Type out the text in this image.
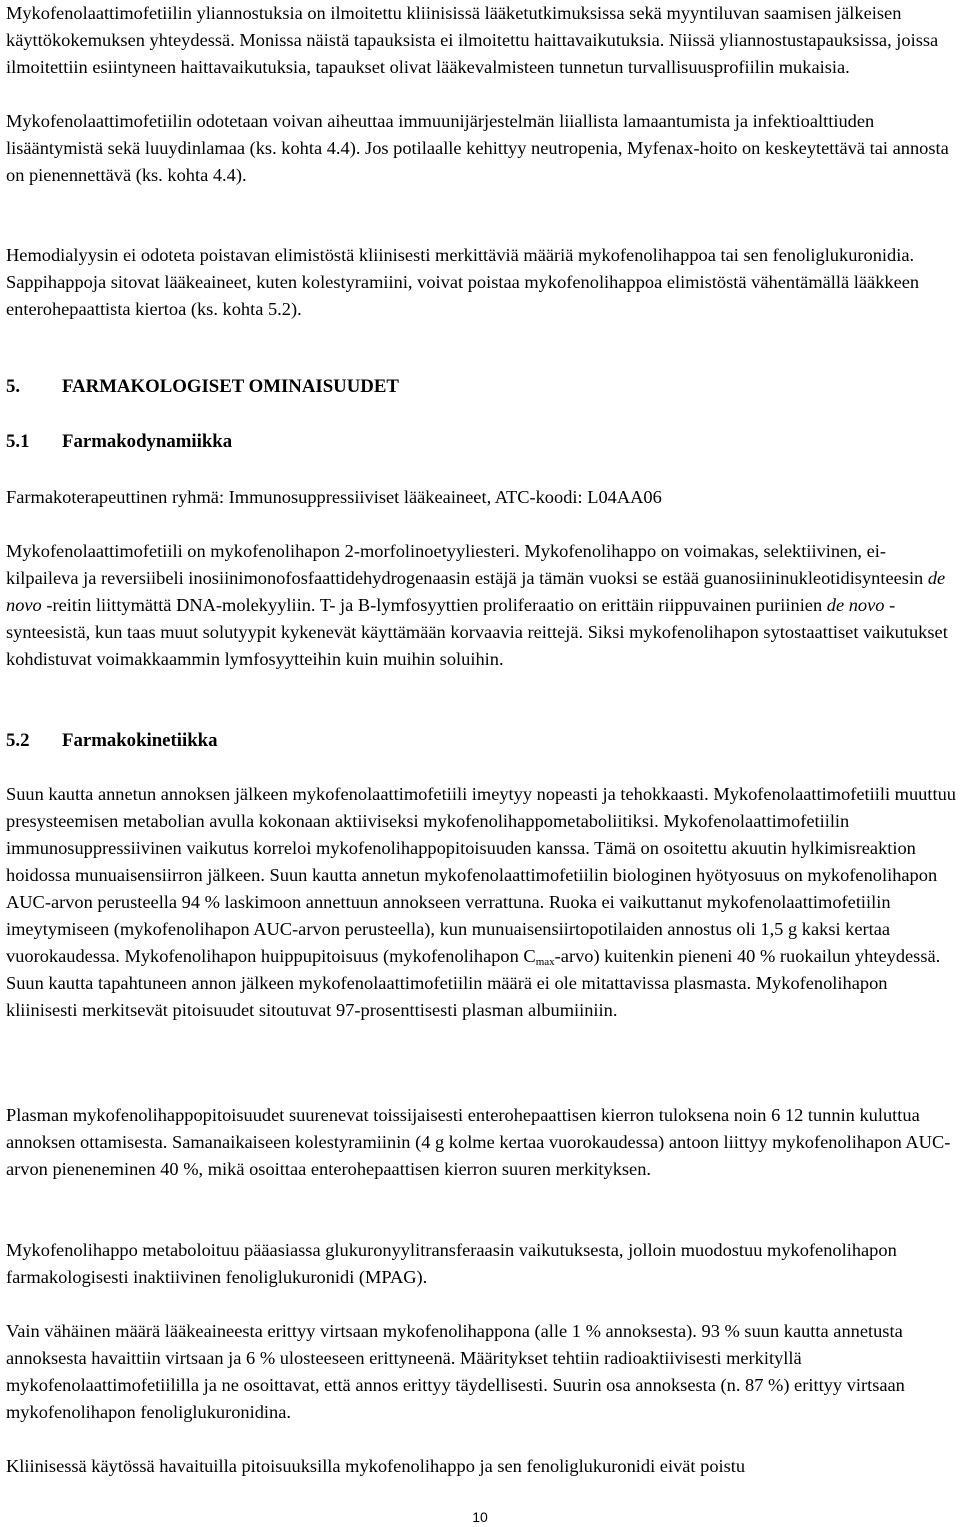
Mykofenolaattimofetiilin yliannostuksia on ilmoitettu kliinisissä lääketutkimuksissa sekä myyntiluvan saamisen jälkeisen käyttökokemuksen yhteydessä. Monissa näistä tapauksista ei ilmoitettu haittavaikutuksia. Niissä yliannostustapauksissa, joissa ilmoitettiin esiintyneen haittavaikutuksia, tapaukset olivat lääkevalmisteen tunnetun turvallisuusprofiilin mukaisia.

Mykofenolaattimofetiilin odotetaan voivan aiheuttaa immuunijärjestelmän liiallista lamaantumista ja infektioalttiuden lisääntymistä sekä luuydinlamaa (ks. kohta 4.4). Jos potilaalle kehittyy neutropenia, Myfenax-hoito on keskeytettävä tai annosta on pienennettävä (ks. kohta 4.4).

Hemodialyysin ei odoteta poistavan elimistöstä kliinisesti merkittäviä määriä mykofenolihappoa tai sen fenoliglukuronidia. Sappihappoja sitovat lääkeaineet, kuten kolestyramiini, voivat poistaa mykofenolihappoa elimistöstä vähentämällä lääkkeen enterohepaattista kiertoa (ks. kohta 5.2).

5. FARMAKOLOGISET OMINAISUUDET

5.1 Farmakodynamiikka

Farmakoterapeuttinen ryhmä: Immunosuppressiiviset lääkeaineet, ATC-koodi: L04AA06

Mykofenolaattimofetiili on mykofenolihapon 2-morfolinoetyyliesteri. Mykofenolihappo on voimakas, selektiivinen, ei-kilpaileva ja reversiibeli inosiinimonofosfaattidehydrogenaasin estäjä ja tämän vuoksi se estää guanosiininukleotidisynteesin de novo -reitin liittymättä DNA-molekyyliin. T- ja B-lymfosyyttien proliferaatio on erittäin riippuvainen puriinien de novo -synteesistä, kun taas muut solutyypit kykenevät käyttämään korvaavia reittejä. Siksi mykofenolihapon sytostaattiset vaikutukset kohdistuvat voimakkaammin lymfosyytteihin kuin muihin soluihin.

5.2 Farmakokinetiikka

Suun kautta annetun annoksen jälkeen mykofenolaattimofetiili imeytyy nopeasti ja tehokkaasti. Mykofenolaattimofetiili muuttuu presysteemisen metabolian avulla kokonaan aktiiviseksi mykofenolihappometaboliitiksi. Mykofenolaattimofetiilin immunosuppressiivinen vaikutus korreloi mykofenolihappopitoisuuden kanssa. Tämä on osoitettu akuutin hylkimisreaktion hoidossa munuaisensiirron jälkeen. Suun kautta annetun mykofenolaattimofetiilin biologinen hyötyosuus on mykofenolihapon AUC-arvon perusteella 94 % laskimoon annettuun annokseen verrattuna. Ruoka ei vaikuttanut mykofenolaattimofetiilin imeytymiseen (mykofenolihapon AUC-arvon perusteella), kun munuaisensiirtopotilaiden annostus oli 1,5 g kaksi kertaa vuorokaudessa. Mykofenolihapon huippupitoisuus (mykofenolihapon $C_{max}-arvo$) kuitenkin pieneni 40 % ruokailun yhteydessä. Suun kautta tapahtuneen annon jälkeen mykofenolaattimofetiilin määrä ei ole mitattavissa plasmasta. Mykofenolihapon kliinisesti merkitsevät pitoisuudet sitoutuvat 97-prosenttisesti plasman albumiiniin.

Plasman mykofenolihappopitoisuudet suurenevat toissijaisesti enterohepaattisen kierron tuloksena noin 6 12 tunnin kuluttua annoksen ottamisesta. Samanaikaiseen kolestyramiinin (4 g kolme kertaa vuorokaudessa) antoon liittyy mykofenolihapon AUC-arvon pieneneminen 40 %, mikä osoittaa enterohepaattisen kierron suuren merkityksen.

Mykofenolihappo metaboloituu pääasiassa glukuronyylitransferaasin vaikutuksesta, jolloin muodostuu mykofenolihapon farmakologisesti inaktiivinen fenoliglukuronidi (MPAG).

Vain vähäinen määrä lääkeaineesta erittyy virtsaan mykofenolihappona (alle 1 % annoksesta). 93 % suun kautta annetusta annoksesta havaittiin virtsaan ja 6 % ulosteeseen erittyneenä. Määritykset tehtiin radioaktiivisesti merkityllä mykofenolaattimofetiililla ja ne osoittavat, että annos erittyy täydellisesti. Suurin osa annoksesta (n. 87 %) erittyy virtsaan mykofenolihapon fenoliglukuronidina.

Kliinisessä käytössä havaituilla pitoisuuksilla mykofenolihappo ja sen fenoliglukuronidi eivät poistu

10
